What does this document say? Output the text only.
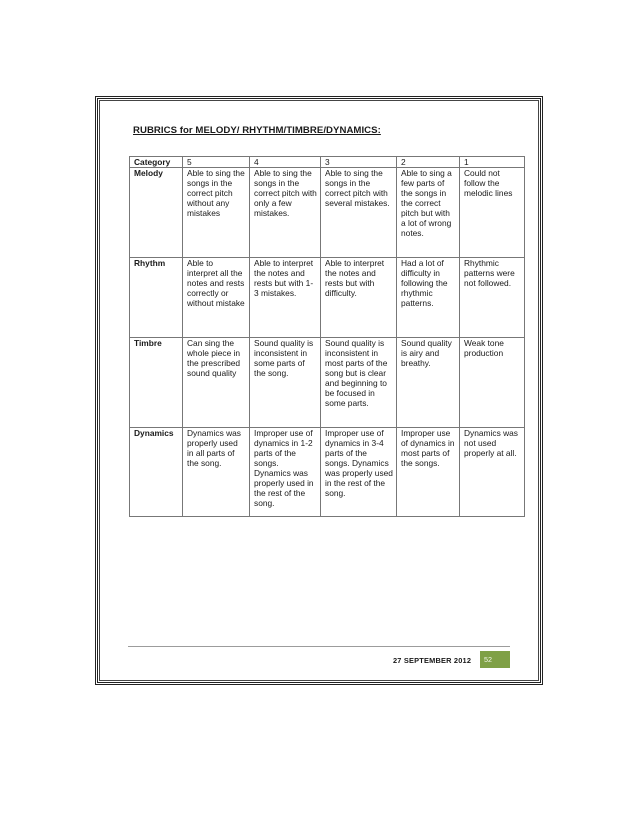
RUBRICS for MELODY/ RHYTHM/TIMBRE/DYNAMICS:
Category	5	4	3	2	1
Melody	Able to sing the songs in the correct pitch without any mistakes	Able to sing the songs in the correct pitch with only a few mistakes.	Able to sing the songs in the correct pitch with several mistakes.	Able to sing a few parts of the songs in the correct pitch but with a lot of wrong notes.	Could not follow the melodic lines
Rhythm	Able to interpret all the notes and rests correctly or without mistake	Able to interpret the notes and rests but with 1-3 mistakes.	Able to interpret the notes and rests but with difficulty.	Had a lot of difficulty in following the rhythmic patterns.	Rhythmic patterns were not followed.
Timbre	Can sing the whole piece in the prescribed sound quality	Sound quality is inconsistent in some parts of the song.	Sound quality is inconsistent in most parts of the song but is clear and beginning to be focused in some parts.	Sound quality is airy and breathy.	Weak tone production
Dynamics	Dynamics was properly used in all parts of the song.	Improper use of dynamics in 1-2 parts of the songs. Dynamics was properly used in the rest of the song.	Improper use of dynamics in 3-4 parts of the songs. Dynamics was properly used in the rest of the song.	Improper use of dynamics in most parts of the songs.	Dynamics was not used properly at all.
27 SEPTEMBER 2012	52
